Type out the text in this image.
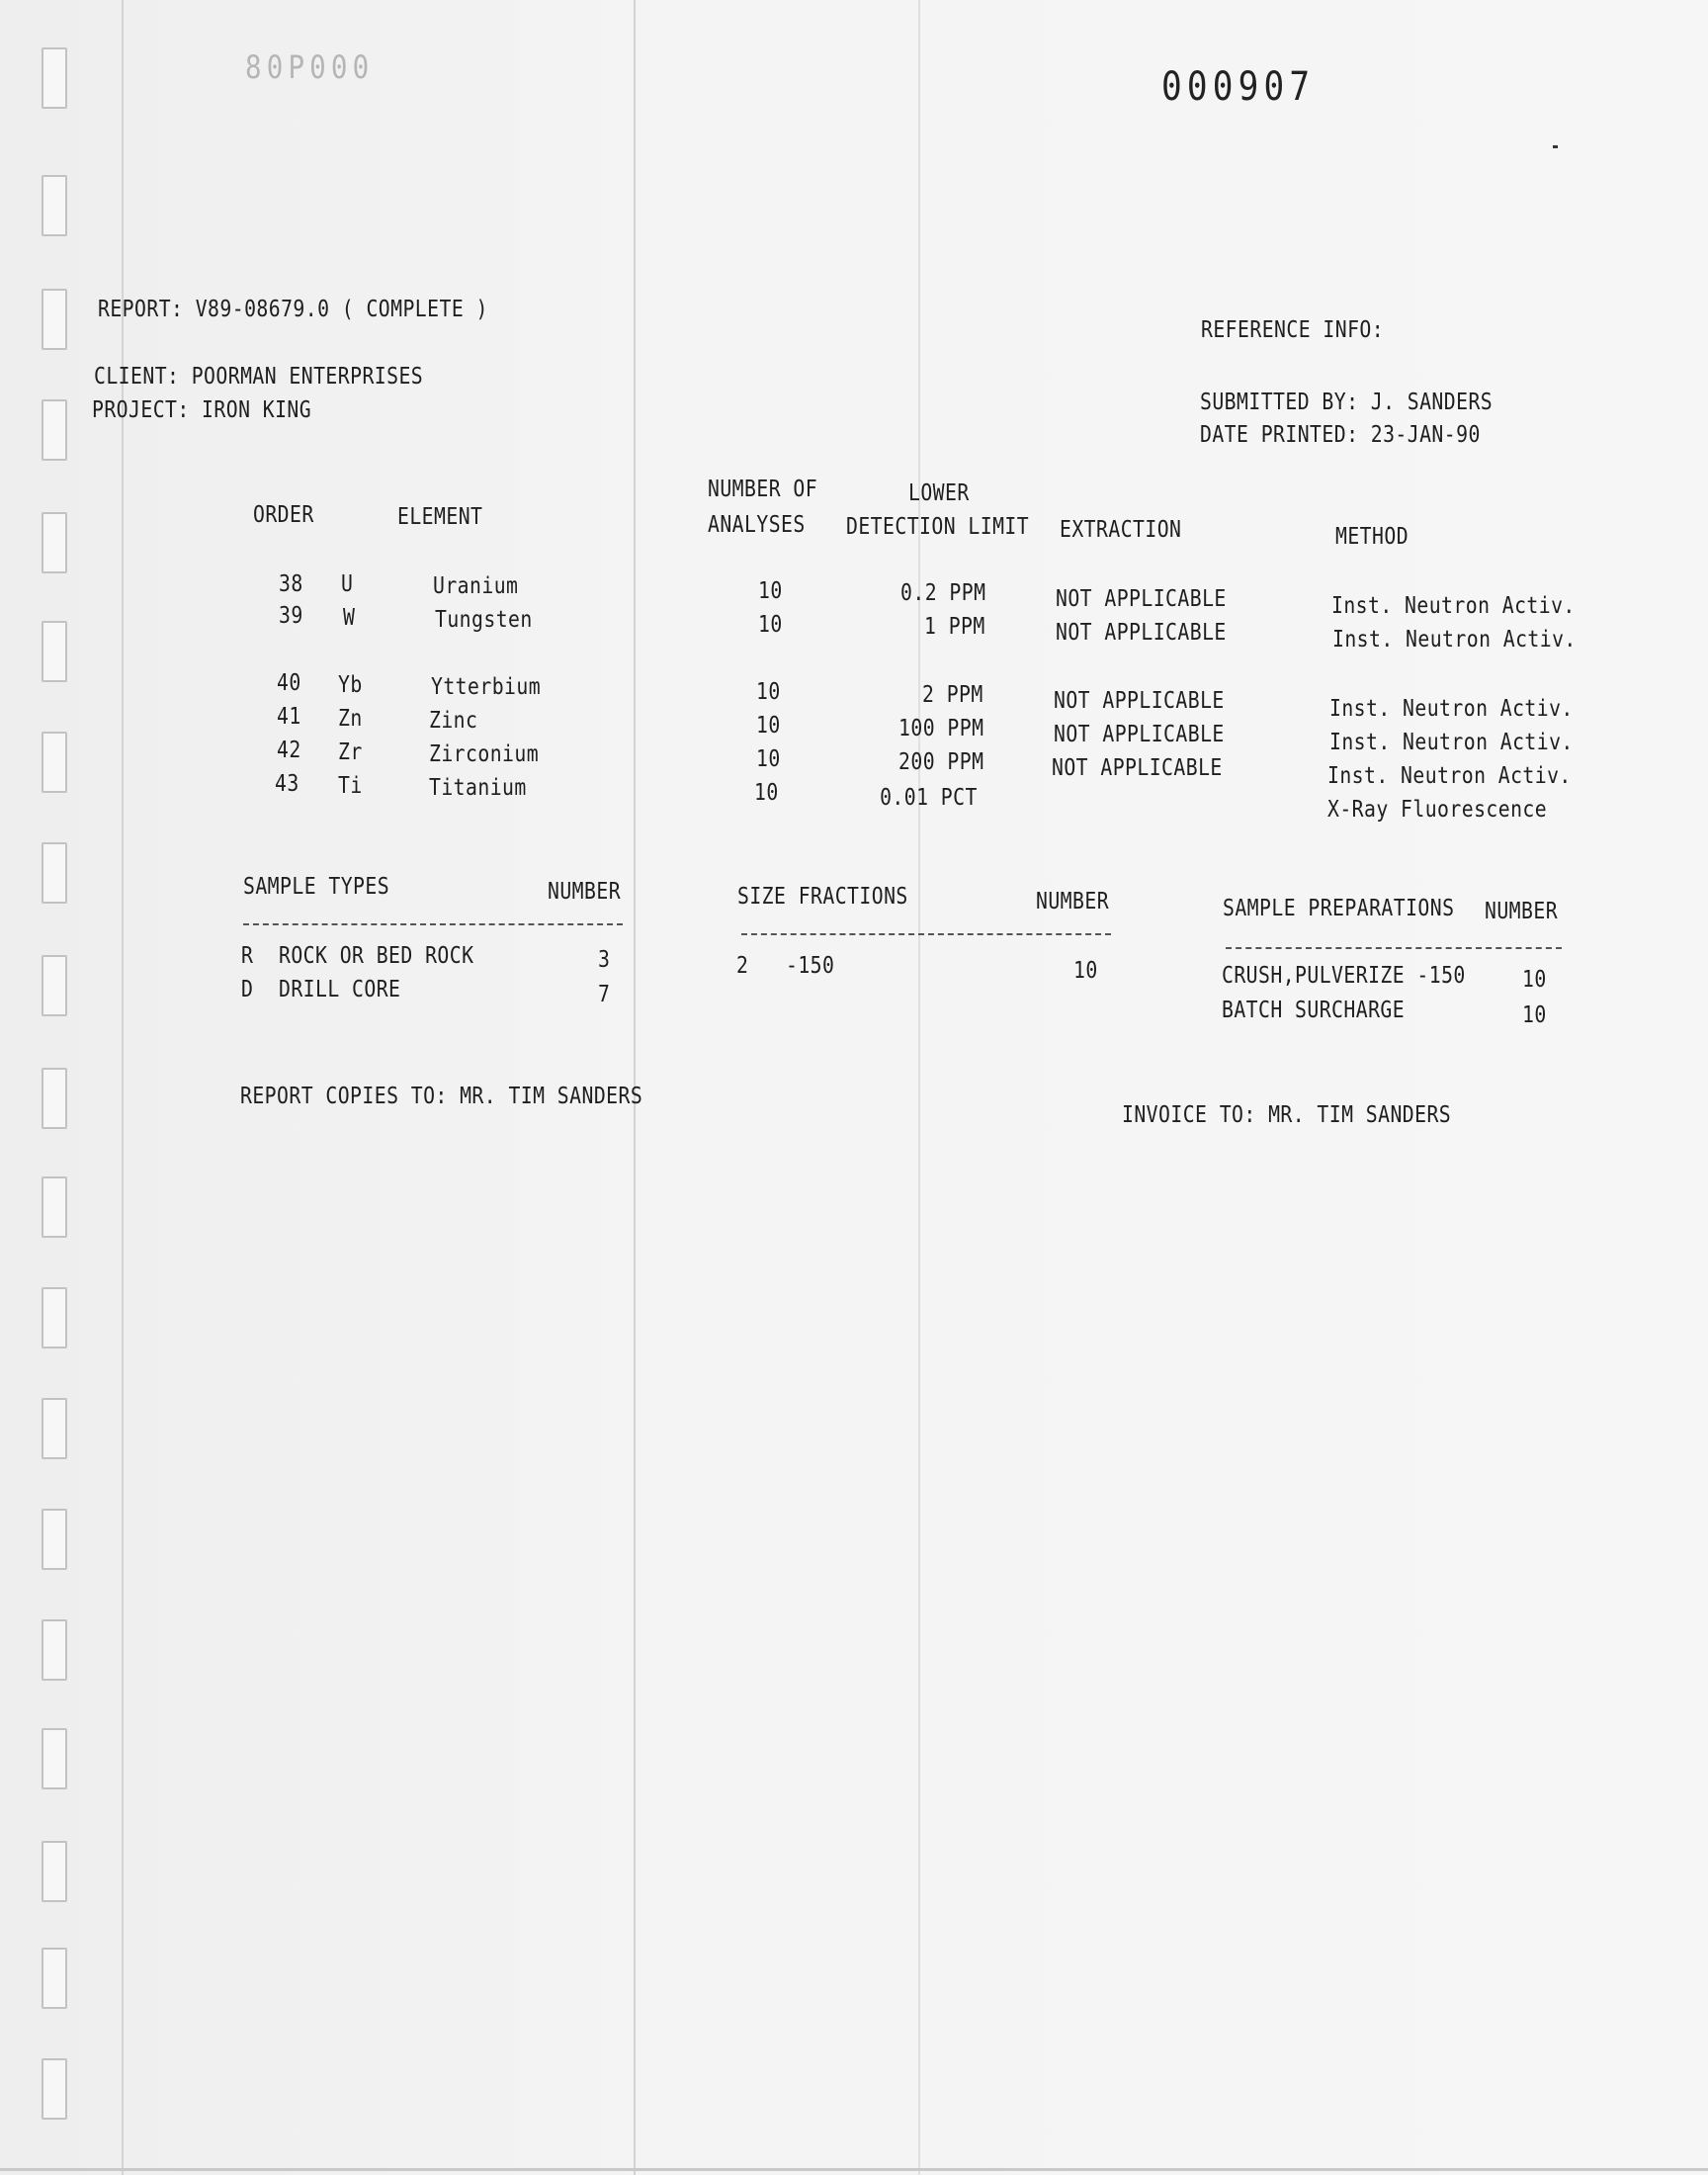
80P000	000907
REPORT: V89-08679.0 ( COMPLETE )
CLIENT: POORMAN ENTERPRISES
PROJECT: IRON KING
REFERENCE INFO:
SUBMITTED BY: J. SANDERS
DATE PRINTED: 23-JAN-90
ORDER	ELEMENT
NUMBER OF
ANALYSES
LOWER
DETECTION LIMIT EXTRACTION	METHOD
38 U	Uranium	10	0.2 PPM	NOT APPLICABLE	Inst. Neutron Activ.
39 W	Tungsten	10	1 PPM	NOT APPLICABLE	Inst. Neutron Activ.
40 Yb	Ytterbium	10	2 PPM	NOT APPLICABLE	Inst. Neutron Activ.
41 Zn	Zinc	10	100 PPM	NOT APPLICABLE	Inst. Neutron Activ.
42 Zr	Zirconium	10	200 PPM	NOT APPLICABLE	Inst. Neutron Activ.
43 Ti	Titanium	10	0.01 PCT	X-Ray Fluorescence
SAMPLE TYPES	NUMBER
R ROCK OR BED ROCK	3
D DRILL CORE	7
SIZE FRACTIONS	NUMBER
2 -150	10
SAMPLE PREPARATIONS NUMBER
CRUSH,PULVERIZE -150 10
BATCH SURCHARGE	10
REPORT COPIES TO: MR. TIM SANDERS
INVOICE TO: MR. TIM SANDERS
